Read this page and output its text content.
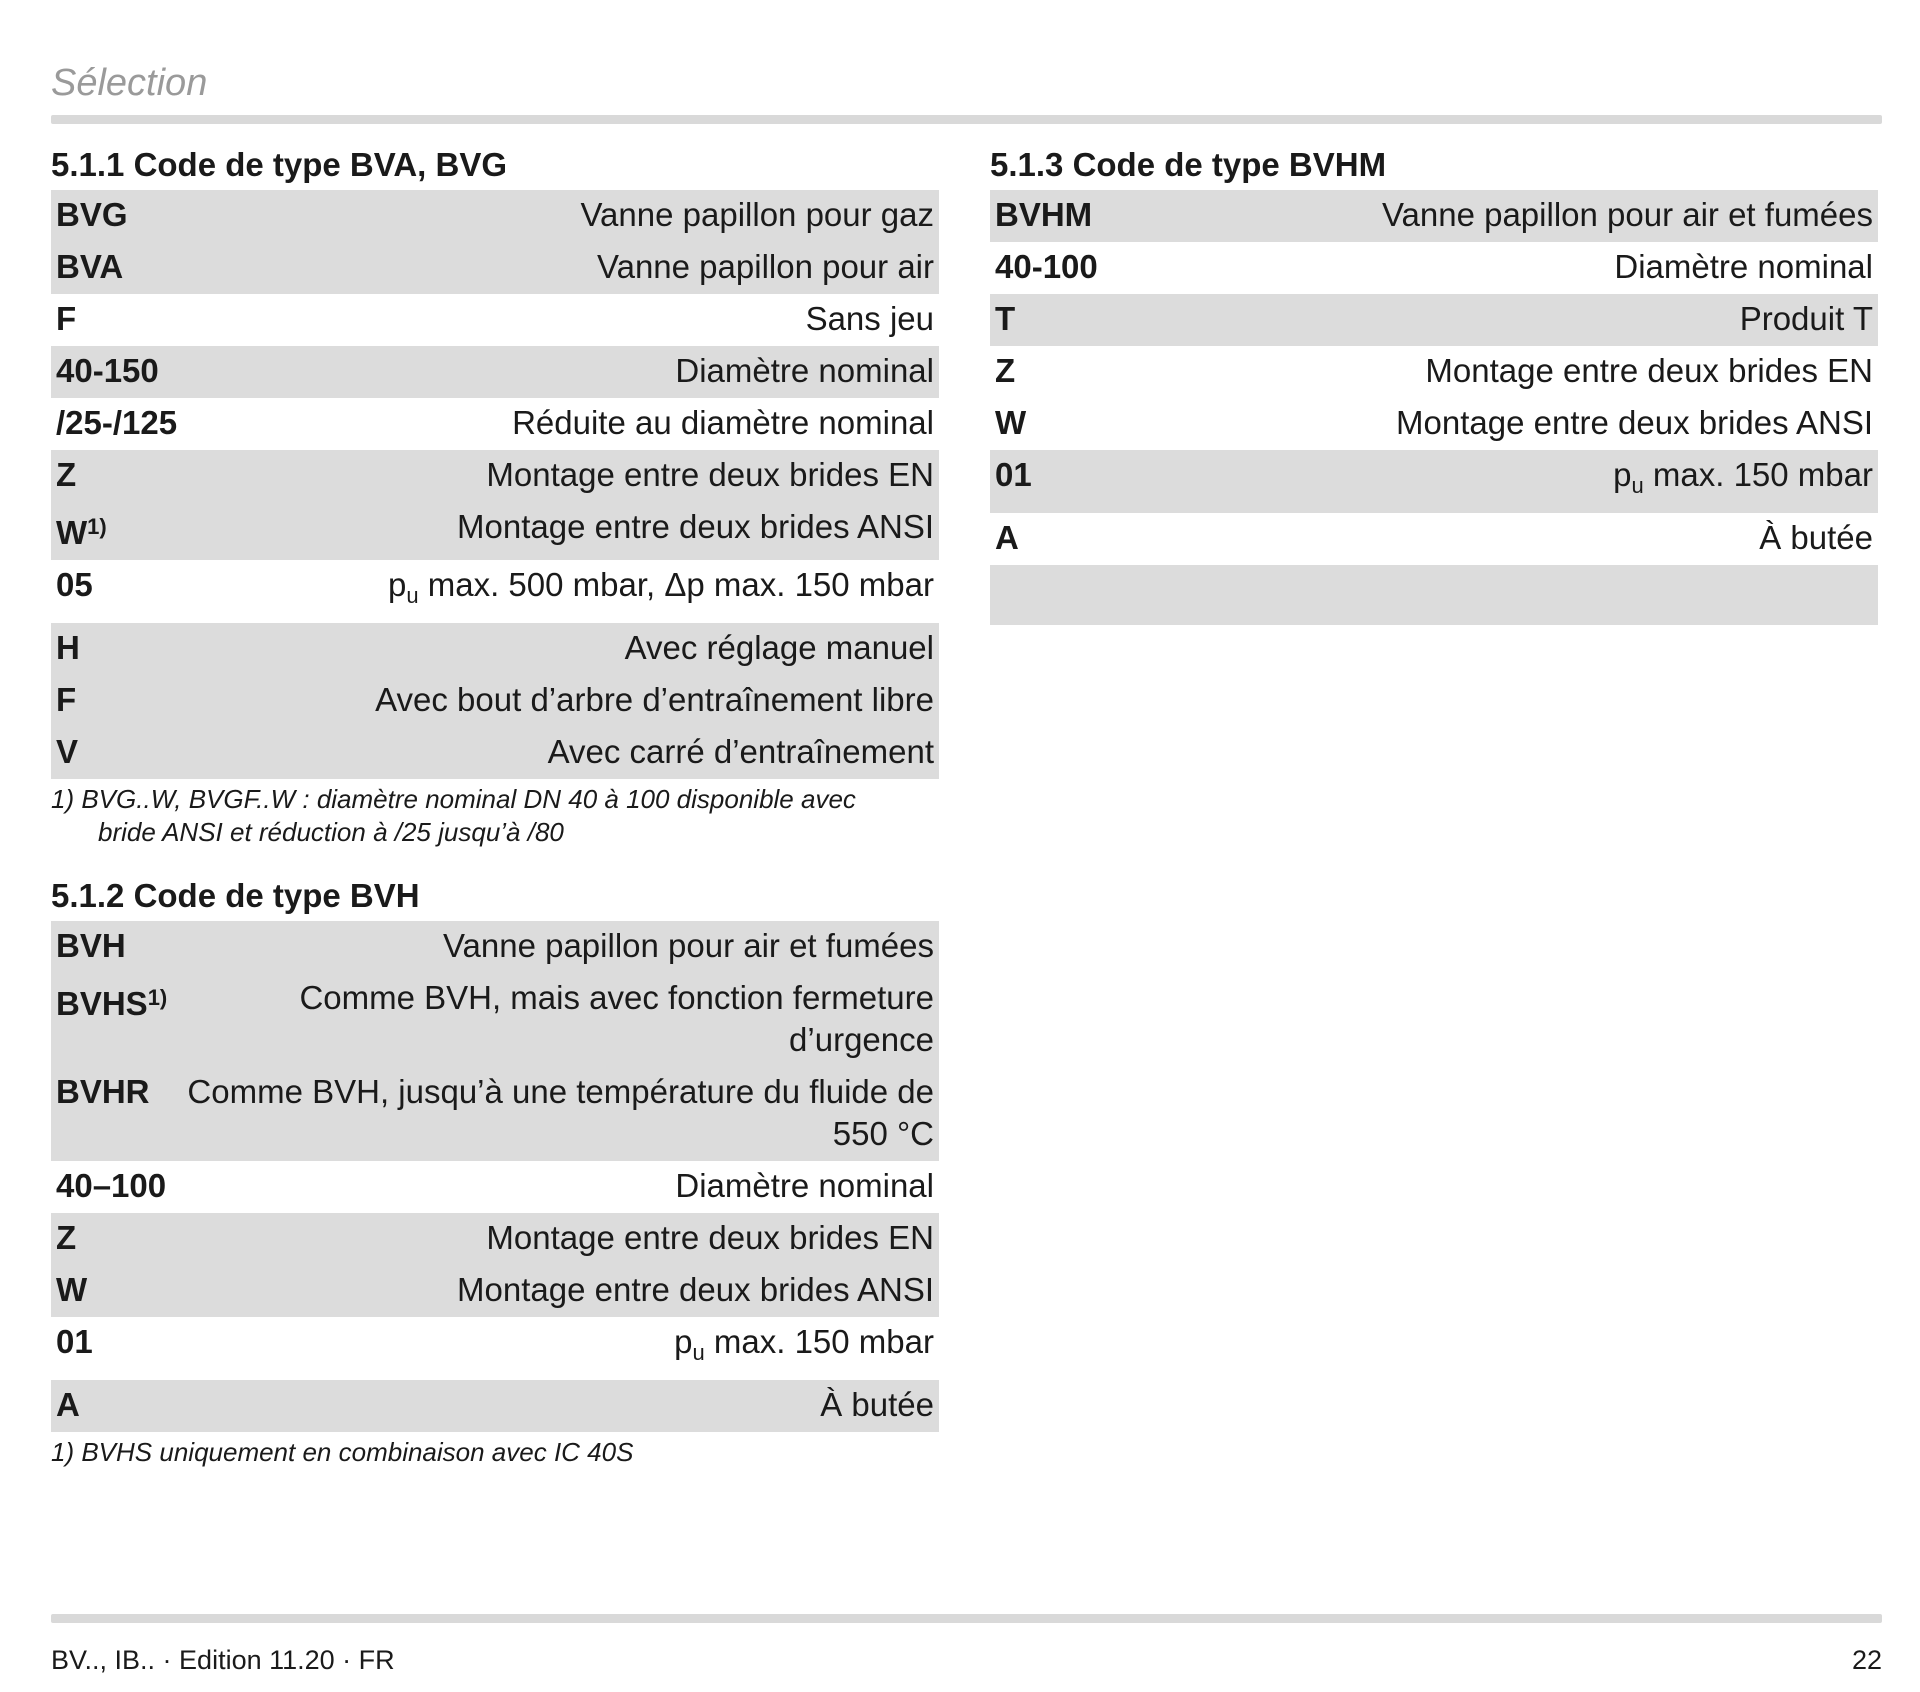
Sélection
5.1.1 Code de type BVA, BVG
BVG	Vanne papillon pour gaz
BVA	Vanne papillon pour air
F	Sans jeu
40-150	Diamètre nominal
/25-/125	Réduite au diamètre nominal
Z	Montage entre deux brides EN
$W^{1)}$	Montage entre deux brides ANSI
05	$p_u$ max. 500 mbar, Δp max. 150 mbar
H	Avec réglage manuel
F	Avec bout d’arbre d’entraînement libre
V	Avec carré d’entraînement
1) BVG..W, BVGF..W : diamètre nominal DN 40 à 100 disponible avec
bride ANSI et réduction à /25 jusqu’à /80
5.1.2 Code de type BVH
BVH	Vanne papillon pour air et fumées
BVHS$^{1)}$	Comme BVH, mais avec fonction fermeture d’urgence
BVHR	Comme BVH, jusqu’à une température du fluide de 550 °C
40–100	Diamètre nominal
Z	Montage entre deux brides EN
W	Montage entre deux brides ANSI
01	$p_u$ max. 150 mbar
A	À butée
1) BVHS uniquement en combinaison avec IC 40S
5.1.3 Code de type BVHM
BVHM	Vanne papillon pour air et fumées
40-100	Diamètre nominal
T	Produit T
Z	Montage entre deux brides EN
W	Montage entre deux brides ANSI
01	$p_u$ max. 150 mbar
A	À butée
BV.., IB.. · Edition 11.20 · FR	22
